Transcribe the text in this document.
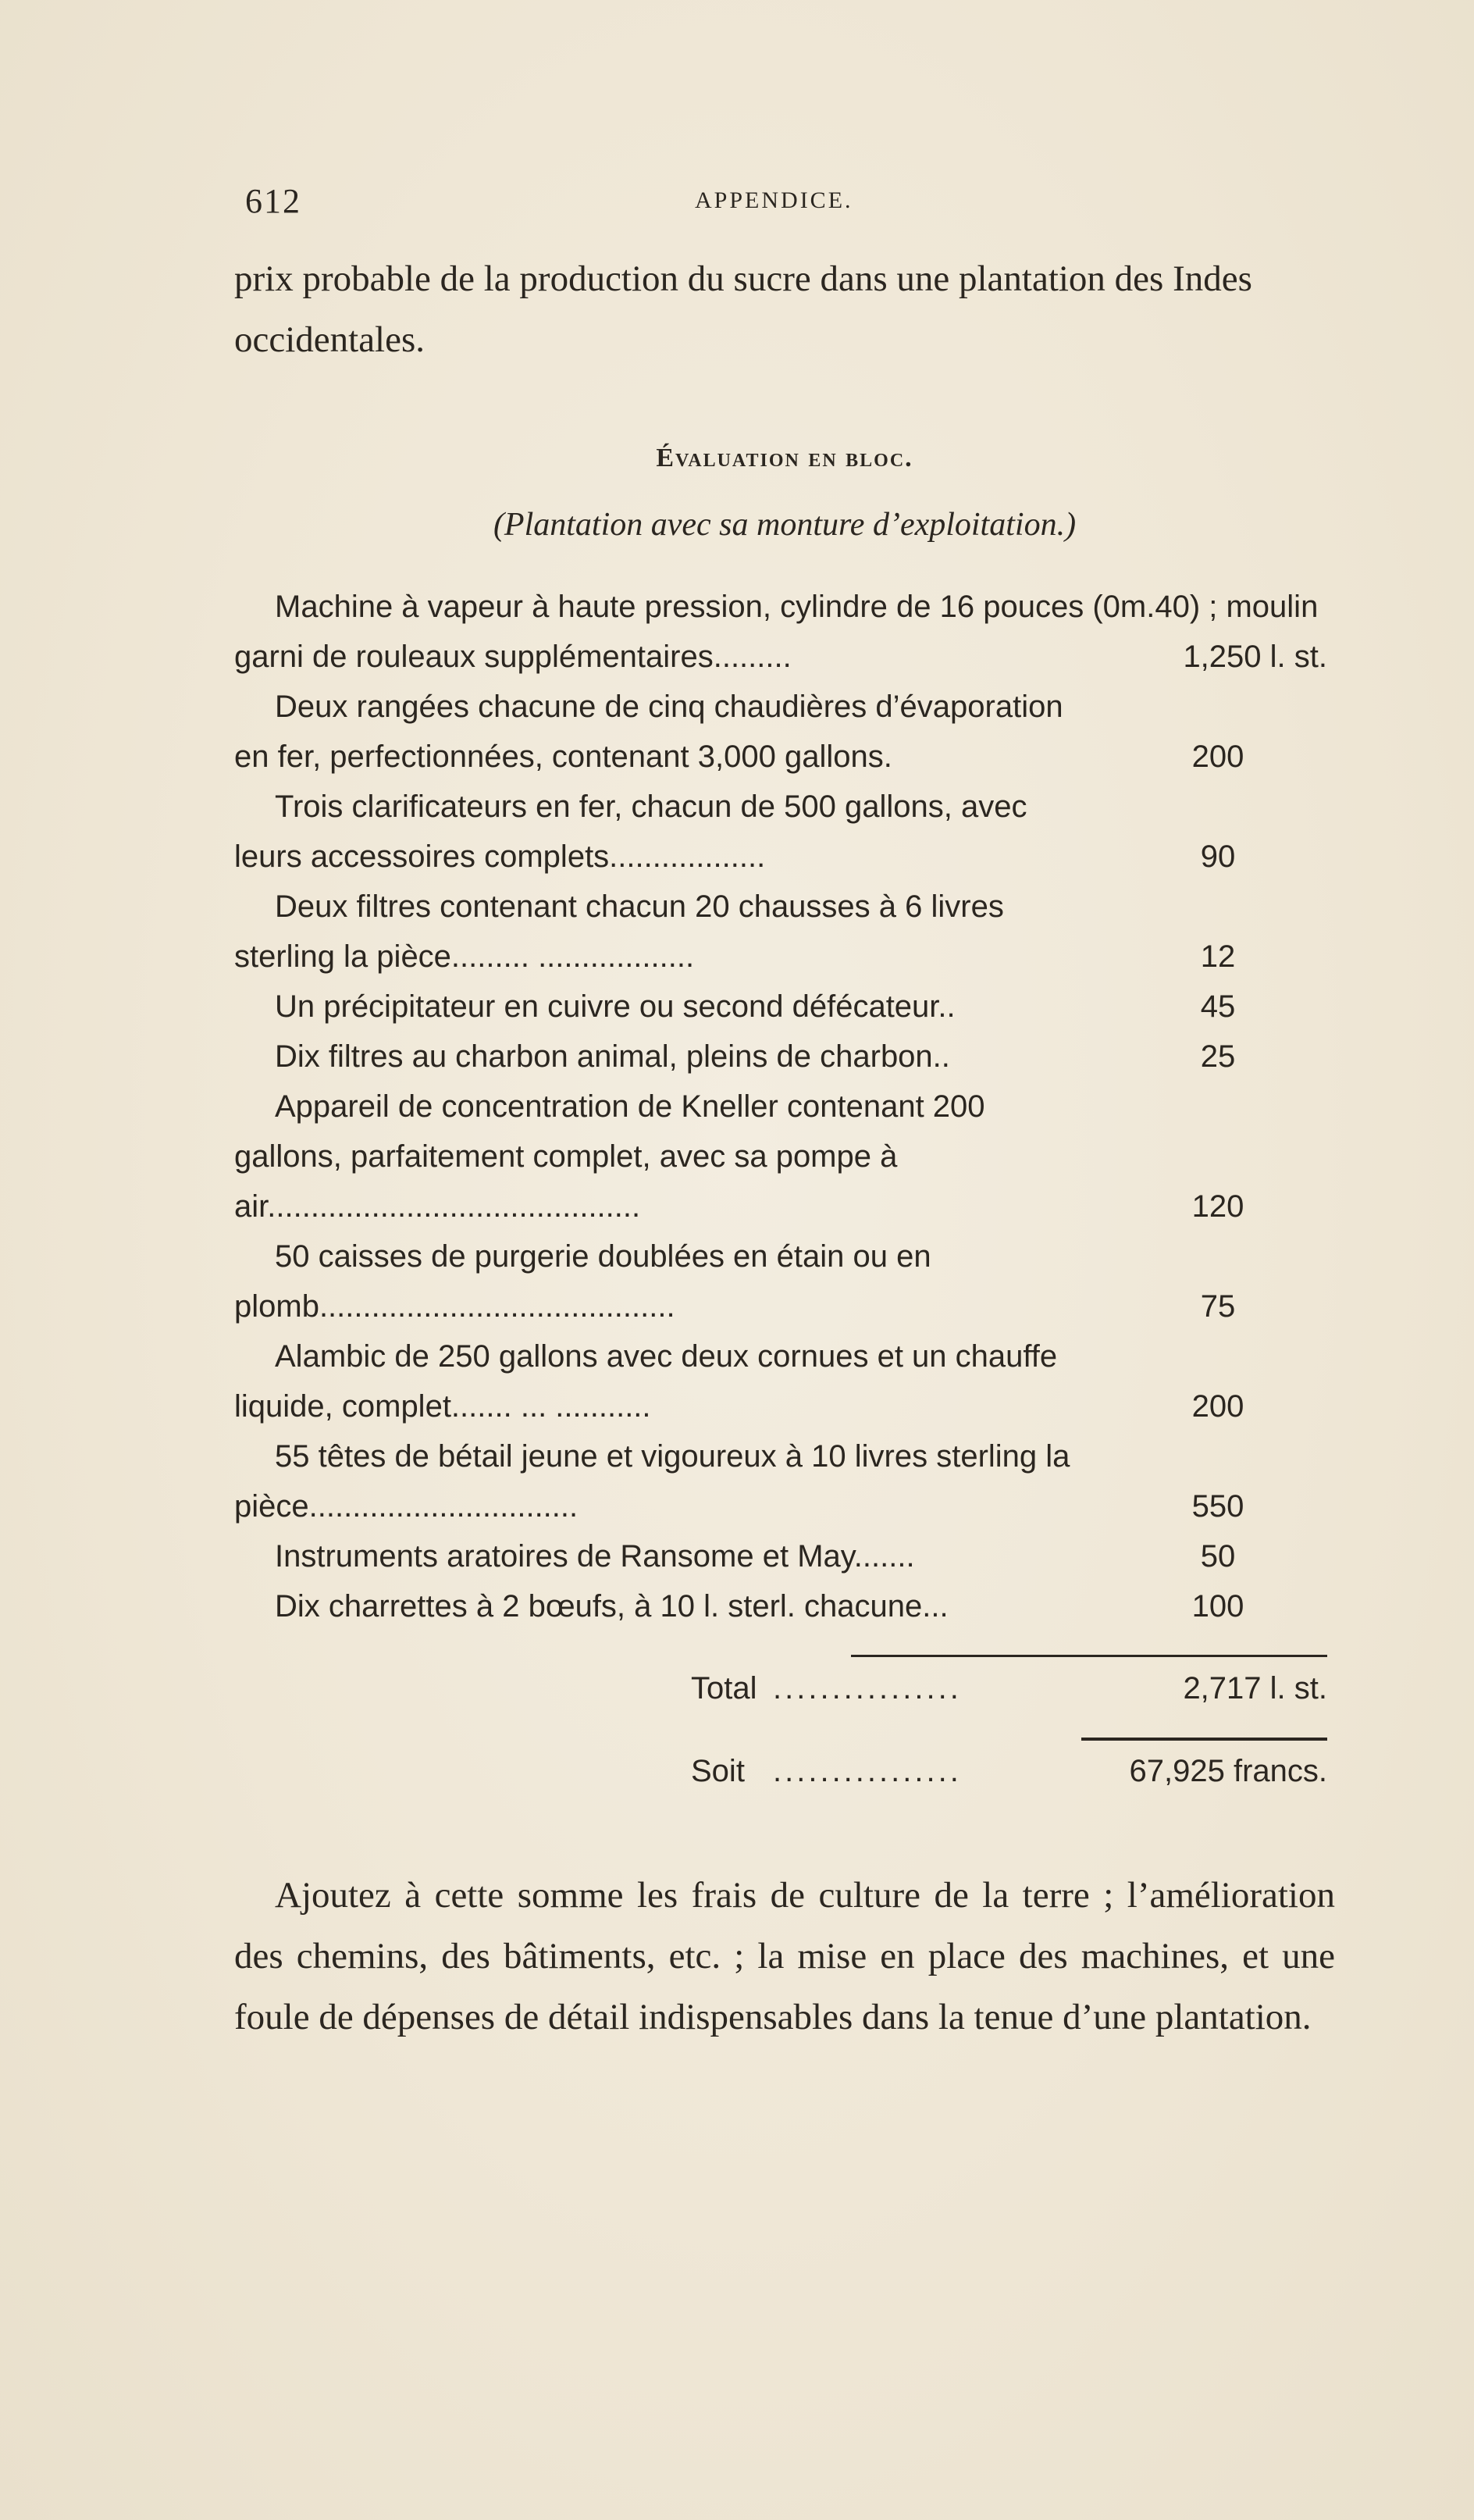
612	APPENDICE.
prix probable de la production du sucre dans une plantation des Indes occidentales.
Évaluation en bloc.
(Plantation avec sa monture d’exploitation.)
Machine à vapeur à haute pression, cylindre de 16 pouces (0m.40) ; moulin garni de rouleaux supplémentaires.........	1,250 l. st.
Deux rangées chacune de cinq chaudières d’évaporation en fer, perfectionnées, contenant 3,000 gallons.	200
Trois clarificateurs en fer, chacun de 500 gallons, avec leurs accessoires complets..................	90
Deux filtres contenant chacun 20 chausses à 6 livres sterling la pièce......... ..................	12
Un précipitateur en cuivre ou second défécateur..	45
Dix filtres au charbon animal, pleins de charbon..	25
Appareil de concentration de Kneller contenant 200 gallons, parfaitement complet, avec sa pompe à air...........................................	120
50 caisses de purgerie doublées en étain ou en plomb.........................................	75
Alambic de 250 gallons avec deux cornues et un chauffe liquide, complet....... ... ...........	200
55 têtes de bétail jeune et vigoureux à 10 livres sterling la pièce...............................	550
Instruments aratoires de Ransome et May.......	50
Dix charrettes à 2 bœufs, à 10 l. sterl. chacune...	100
Total ................	2,717 l. st.
Soit ................	67,925 francs.
Ajoutez à cette somme les frais de culture de la terre ; l’amélioration des chemins, des bâtiments, etc. ; la mise en place des machines, et une foule de dépenses de détail indispensables dans la tenue d’une plantation.
